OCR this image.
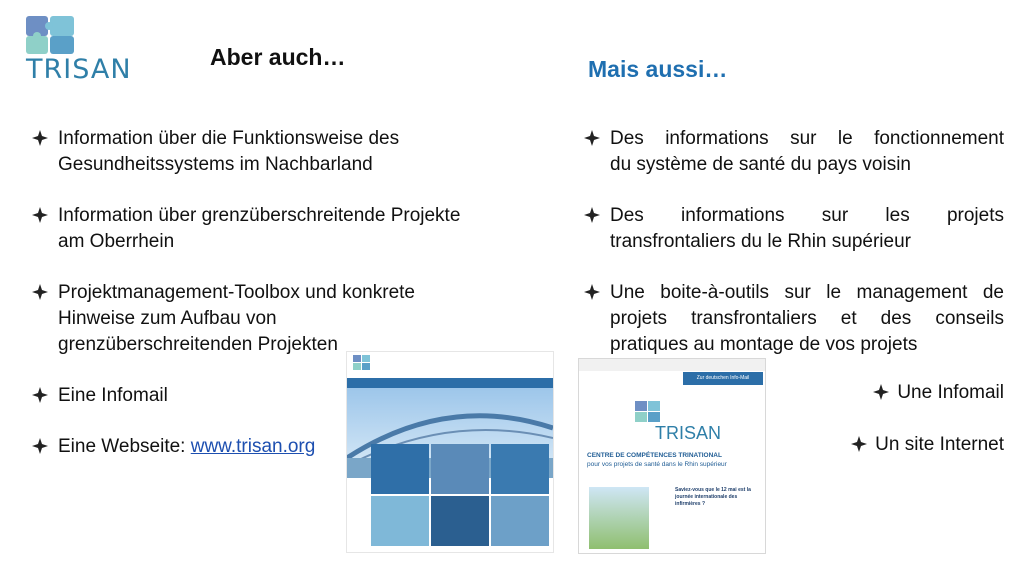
TRISAN	Aber auch…	Mais aussi…
Information über die Funktionsweise des
Gesundheitssystems im Nachbarland
Information über grenzüberschreitende Projekte
am Oberrhein
Projektmanagement-Toolbox und konkrete
Hinweise zum Aufbau von
grenzüberschreitenden Projekten
Eine Infomail
Eine Webseite: www.trisan.org
Des informations sur le fonctionnement
du système de santé du pays voisin
Des informations sur les projets
transfrontaliers du le Rhin supérieur
Une boite-à-outils sur le management de
projets transfrontaliers et des conseils
pratiques au montage de vos projets
Une Infomail
Un site Internet
Zur deutschen Info-Mail
TRISAN
CENTRE DE COMPÉTENCES TRINATIONAL
pour vos projets de santé dans le Rhin supérieur
Saviez-vous que le 12 mai est la journée internationale des infirmières ?
